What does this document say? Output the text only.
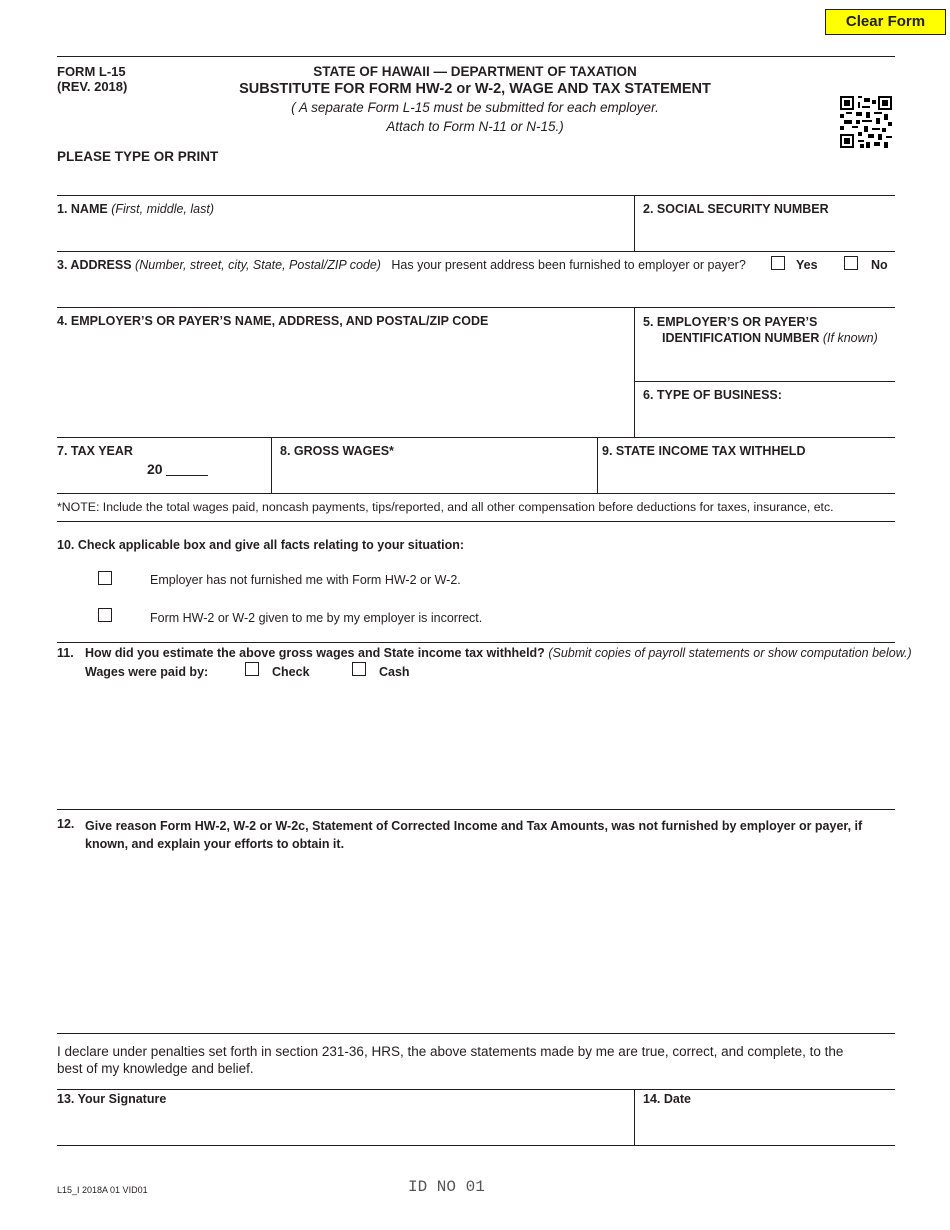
Clear Form
FORM L-15
(REV. 2018)
STATE OF HAWAII — DEPARTMENT OF TAXATION
SUBSTITUTE FOR FORM HW-2 or W-2, WAGE AND TAX STATEMENT
( A separate Form L-15 must be submitted for each employer.
Attach to Form N-11 or N-15.)
PLEASE TYPE OR PRINT
1. NAME (First, middle, last)	2. SOCIAL SECURITY NUMBER
3. ADDRESS (Number, street, city, State, Postal/ZIP code) Has your present address been furnished to employer or payer?	Yes	No
4. EMPLOYER’S OR PAYER’S NAME, ADDRESS, AND POSTAL/ZIP CODE	5. EMPLOYER’S OR PAYER’S
IDENTIFICATION NUMBER (If known)
6. TYPE OF BUSINESS:
7. TAX YEAR
20
8. GROSS WAGES*	9. STATE INCOME TAX WITHHELD
*NOTE: Include the total wages paid, noncash payments, tips/reported, and all other compensation before deductions for taxes, insurance, etc.
10. Check applicable box and give all facts relating to your situation:
Employer has not furnished me with Form HW-2 or W-2.
Form HW-2 or W-2 given to me by my employer is incorrect.
11. How did you estimate the above gross wages and State income tax withheld? (Submit copies of payroll statements or show computation below.)
Wages were paid by:	Check	Cash
12. Give reason Form HW-2, W-2 or W-2c, Statement of Corrected Income and Tax Amounts, was not furnished by employer or payer, if
known, and explain your efforts to obtain it.
I declare under penalties set forth in section 231-36, HRS, the above statements made by me are true, correct, and complete, to the
best of my knowledge and belief.
13. Your Signature	14. Date
L15_I 2018A 01 VID01	ID NO 01
